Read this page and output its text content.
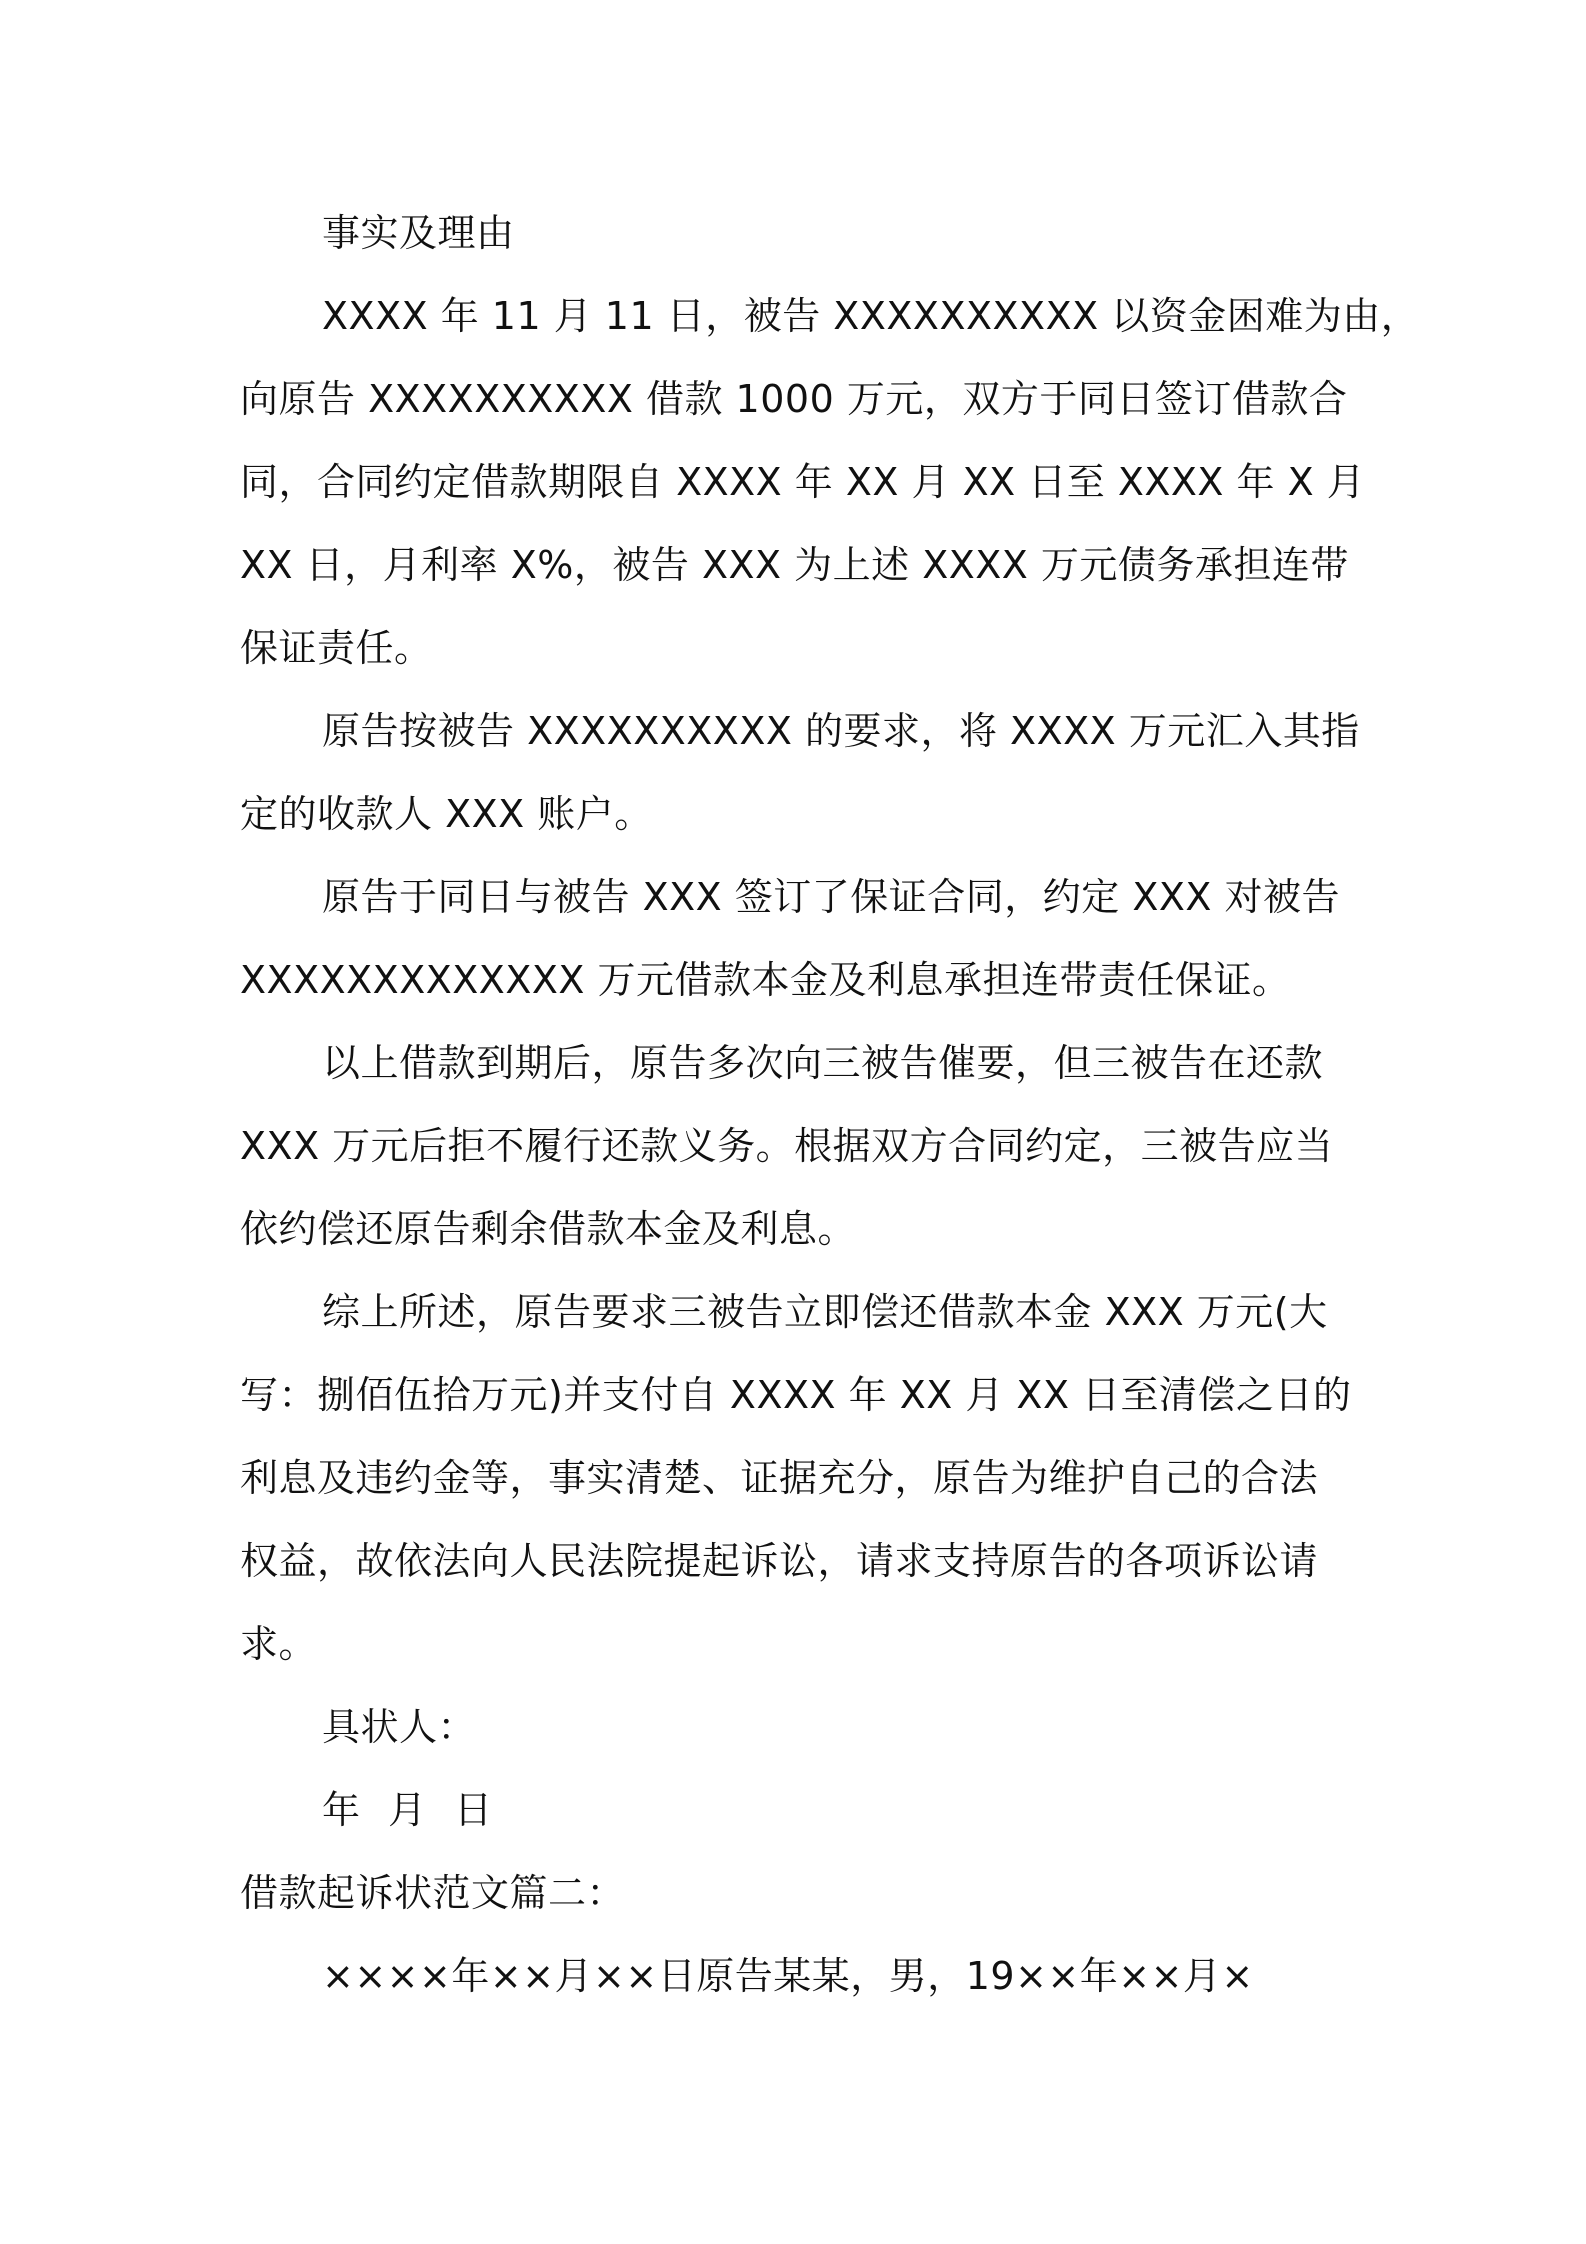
事实及理由
XXXX 年 11 月 11 日，被告 XXXXXXXXXX 以资金困难为由，
向原告 XXXXXXXXXX 借款 1000 万元，双方于同日签订借款合
同，合同约定借款期限自 XXXX 年 XX 月 XX 日至 XXXX 年 X 月
XX 日，月利率 X%，被告 XXX 为上述 XXXX 万元债务承担连带
保证责任。
原告按被告 XXXXXXXXXX 的要求，将 XXXX 万元汇入其指
定的收款人 XXX 账户。
原告于同日与被告 XXX 签订了保证合同，约定 XXX 对被告
XXXXXXXXXXXXX 万元借款本金及利息承担连带责任保证。
以上借款到期后，原告多次向三被告催要，但三被告在还款
XXX 万元后拒不履行还款义务。根据双方合同约定，三被告应当
依约偿还原告剩余借款本金及利息。
综上所述，原告要求三被告立即偿还借款本金 XXX 万元(大
写：捌佰伍拾万元)并支付自 XXXX 年 XX 月 XX 日至清偿之日的
利息及违约金等，事实清楚、证据充分，原告为维护自己的合法
权益，故依法向人民法院提起诉讼，请求支持原告的各项诉讼请
求。
具状人：
年 月 日
借款起诉状范文篇二：
××××年××月××日原告某某，男，19××年××月×
